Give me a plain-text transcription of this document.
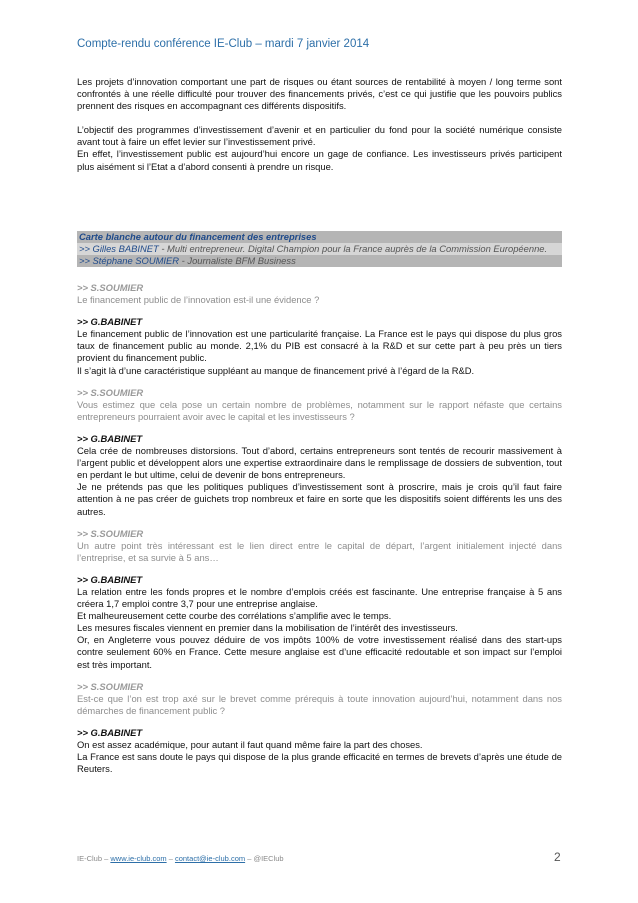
Compte-rendu conférence IE-Club – mardi 7 janvier 2014

Les projets d’innovation comportant une part de risques ou étant sources de rentabilité à moyen / long terme sont confrontés à une réelle difficulté pour trouver des financements privés, c’est ce qui justifie que les pouvoirs publics prennent des risques en accompagnant ces différents dispositifs.

L’objectif des programmes d’investissement d’avenir et en particulier du fond pour la société numérique consiste avant tout à faire un effet levier sur l’investissement privé.

En effet, l’investissement public est aujourd’hui encore un gage de confiance. Les investisseurs privés participent plus aisément si l’Etat a d’abord consenti à prendre un risque.

Carte blanche autour du financement des entreprises
>> Gilles BABINET - Multi entrepreneur. Digital Champion pour la France auprès de la Commission Européenne.
>> Stéphane SOUMIER - Journaliste BFM Business
>> S.SOUMIER

Le financement public de l’innovation est-il une évidence ?

>> G.BABINET

Le financement public de l’innovation est une particularité française. La France est le pays qui dispose du plus gros taux de financement public au monde. 2,1% du PIB est consacré à la R&D et sur cette part à peu près un tiers provient du financement public.

Il s’agit là d’une caractéristique suppléant au manque de financement privé à l’égard de la R&D.

>> S.SOUMIER

Vous estimez que cela pose un certain nombre de problèmes, notamment sur le rapport néfaste que certains entrepreneurs pourraient avoir avec le capital et les investisseurs ?

>> G.BABINET

Cela crée de nombreuses distorsions. Tout d’abord, certains entrepreneurs sont tentés de recourir massivement à l’argent public et développent alors une expertise extraordinaire dans le remplissage de dossiers de subvention, tout en perdant le but ultime, celui de devenir de bons entrepreneurs.

Je ne prétends pas que les politiques publiques d’investissement sont à proscrire, mais je crois qu’il faut faire attention à ne pas créer de guichets trop nombreux et faire en sorte que les dispositifs soient différents les uns des autres.

>> S.SOUMIER

Un autre point très intéressant est le lien direct entre le capital de départ, l’argent initialement injecté dans l’entreprise, et sa survie à 5 ans…

>> G.BABINET

La relation entre les fonds propres et le nombre d’emplois créés est fascinante. Une entreprise française à 5 ans créera 1,7 emploi contre 3,7 pour une entreprise anglaise.

Et malheureusement cette courbe des corrélations s’amplifie avec le temps.

Les mesures fiscales viennent en premier dans la mobilisation de l’intérêt des investisseurs.

Or, en Angleterre vous pouvez déduire de vos impôts 100% de votre investissement réalisé dans des start-ups contre seulement 60% en France. Cette mesure anglaise est d’une efficacité redoutable et son impact sur l’emploi est très important.

>> S.SOUMIER

Est-ce que l’on est trop axé sur le brevet comme prérequis à toute innovation aujourd’hui, notamment dans nos démarches de financement public ?

>> G.BABINET

On est assez académique, pour autant il faut quand même faire la part des choses.

La France est sans doute le pays qui dispose de la plus grande efficacité en termes de brevets d’après une étude de Reuters.

IE-Club – www.ie-club.com – contact@ie-club.com – @IEClub	2
